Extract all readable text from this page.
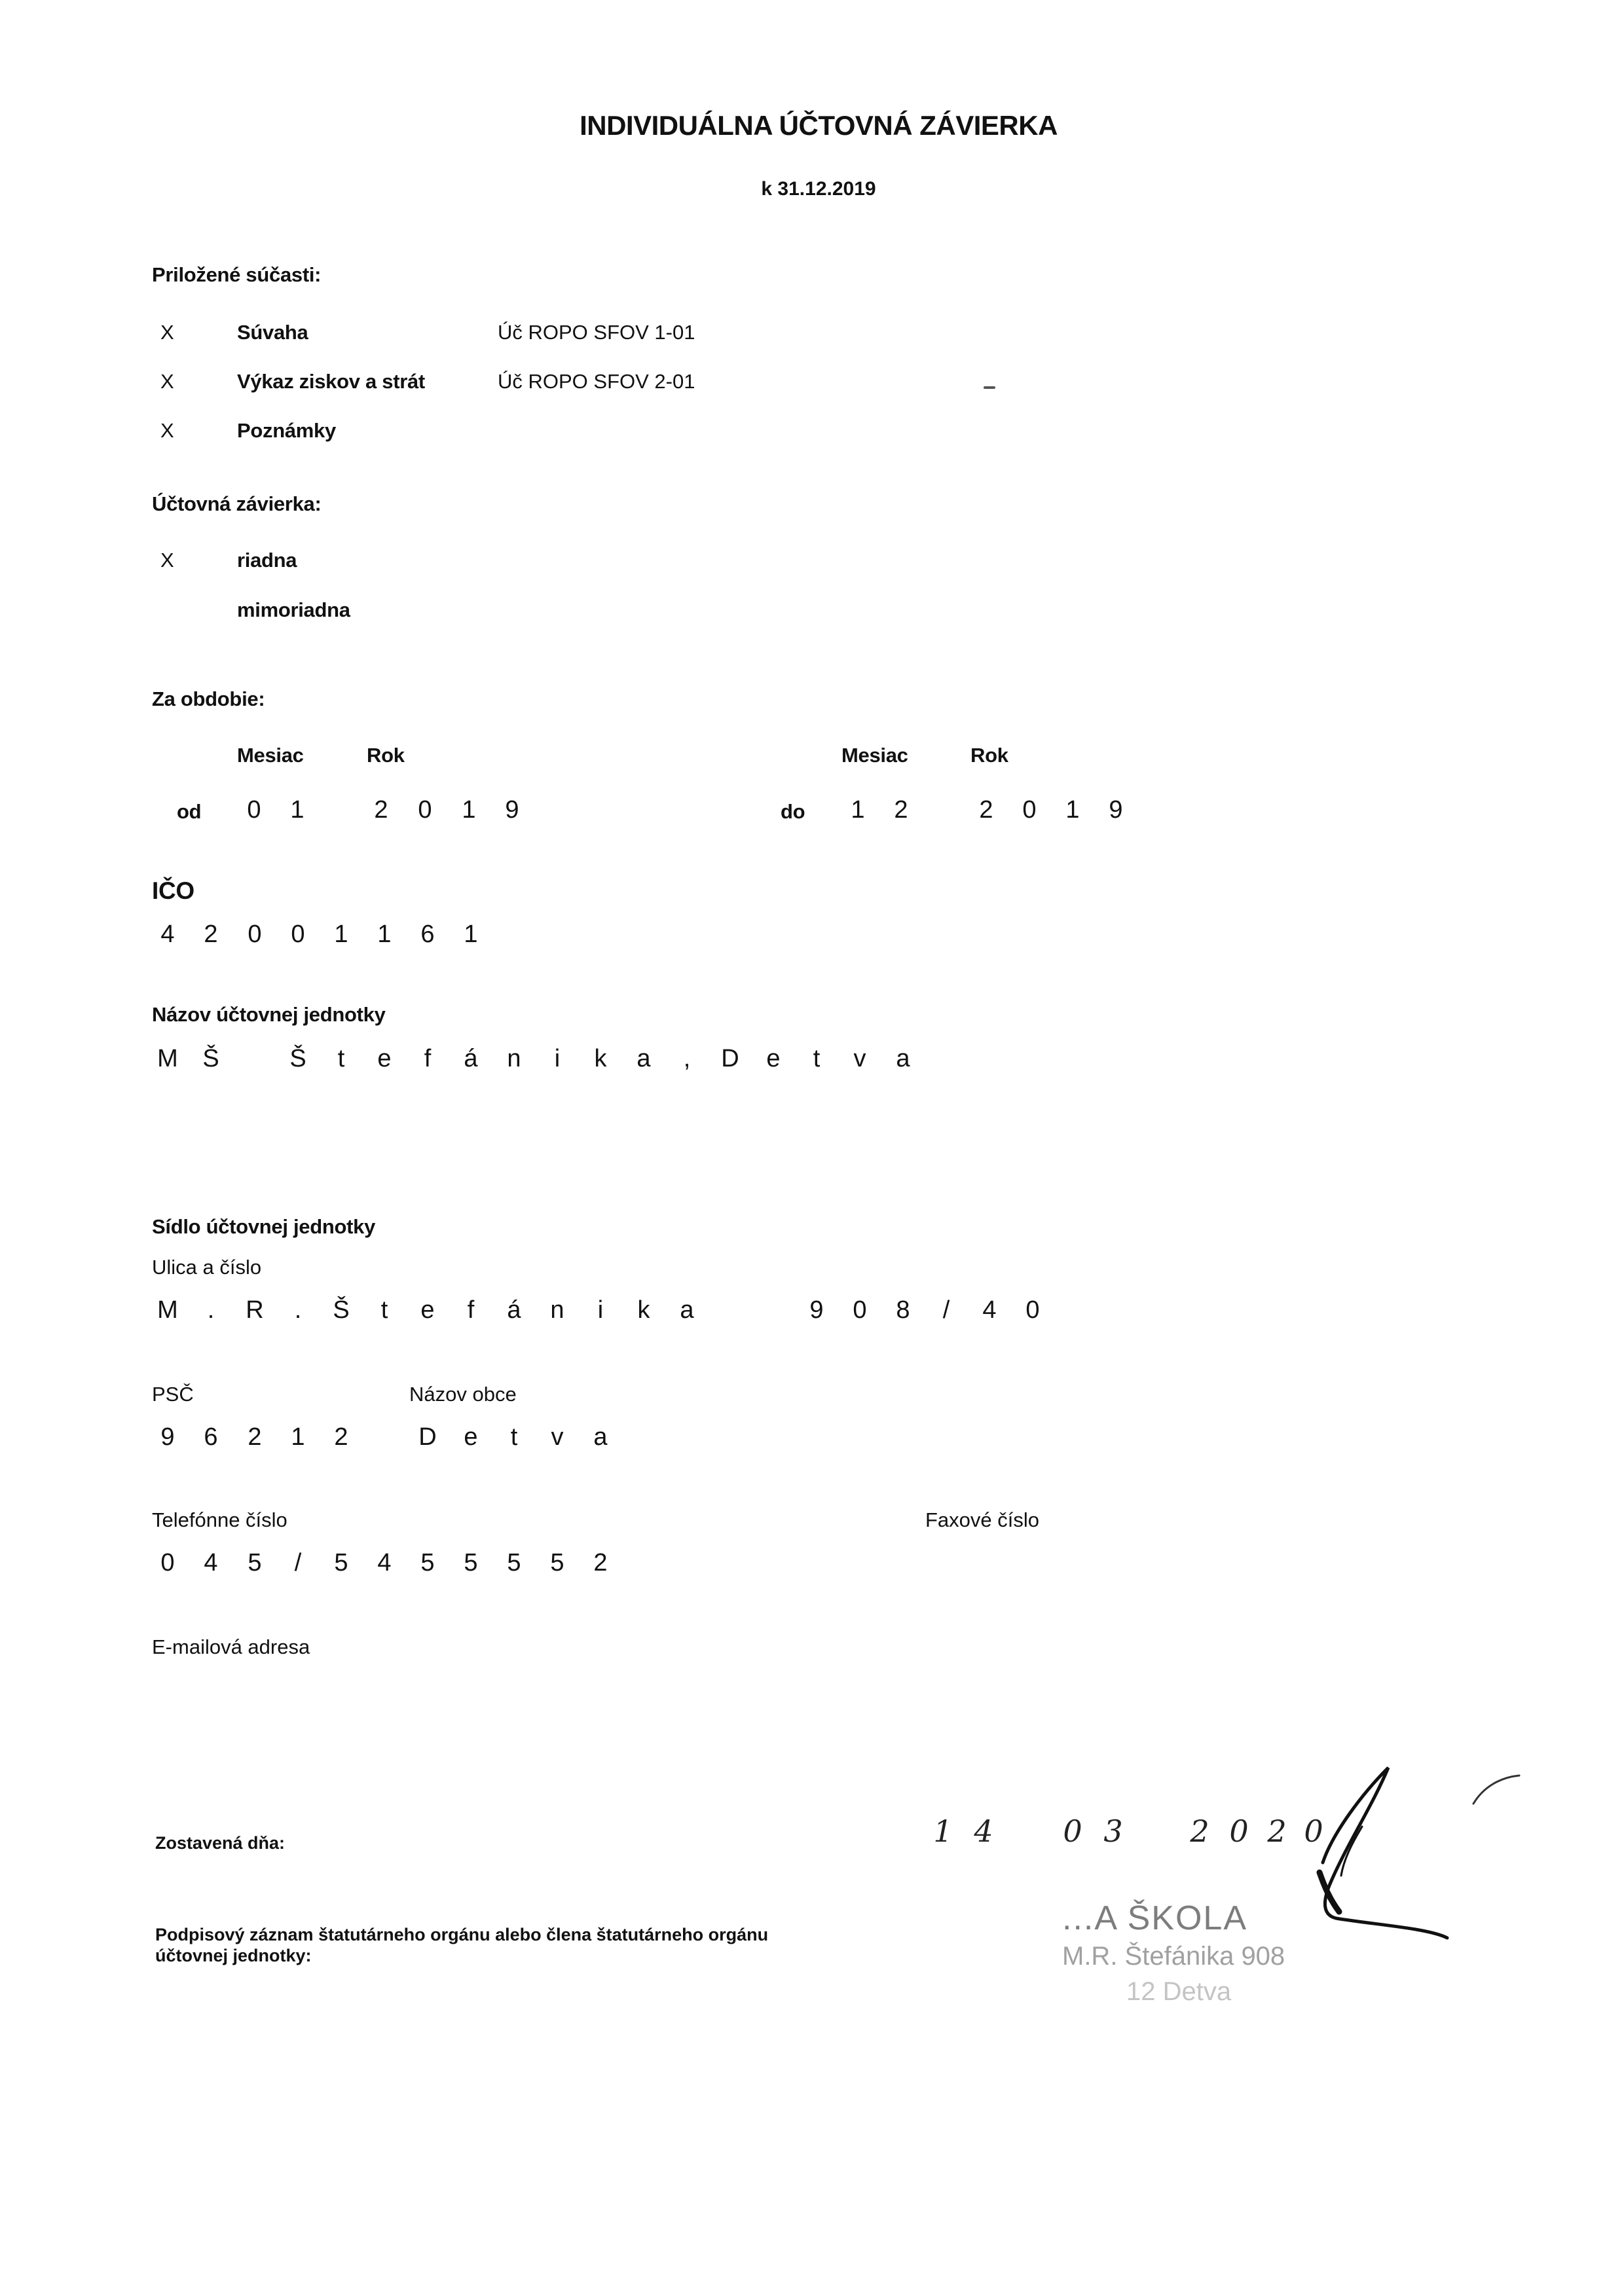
INDIVIDUÁLNA ÚČTOVNÁ ZÁVIERKA
k 31.12.2019
Priložené súčasti:
X	Súvaha	Úč ROPO SFOV 1-01
X	Výkaz ziskov a strát	Úč ROPO SFOV 2-01
X	Poznámky
Účtovná závierka:
X	riadna
mimoriadna
Za obdobie:
Mesiac	Rok	Mesiac	Rok
od 0 1	2 0 1 9	do 1 2	2 0 1 9
IČO
4 2 0 0 1 1 6 1
Názov účtovnej jednotky
M Š	Š t e f á n i k a , D e t v a
Sídlo účtovnej jednotky
Ulica a číslo
M . R . Š t e f á n i k a	9 0 8 / 4 0
PSČ	Názov obce
9 6 2 1 2	D e t v a
Telefónne číslo	Faxové číslo
0 4 5 / 5 4 5 5 5 5 2
E-mailová adresa
Zostavená dňa:	1 4 0 3 2 0 2 0
Podpisový záznam štatutárneho orgánu alebo člena štatutárneho orgánu
účtovnej jednotky:
...A ŠKOLA
M.R. Štefánika 908
12 Detva
